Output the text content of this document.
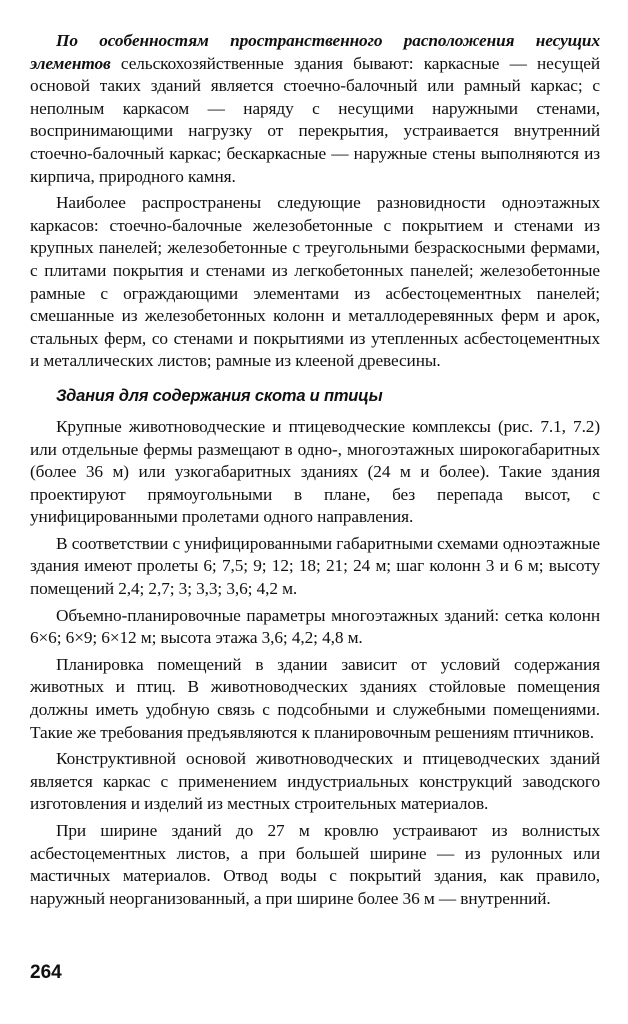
По особенностям пространственного расположения несущих элементов сельскохозяйственные здания бывают: каркасные — несущей основой таких зданий является стоечно-балочный или рамный каркас; с неполным каркасом — наряду с несущими наружными стенами, воспринимающими нагрузку от перекрытия, устраивается внутренний стоечно-балочный каркас; бескаркасные — наружные стены выполняются из кирпича, природного камня.

Наиболее распространены следующие разновидности одноэтажных каркасов: стоечно-балочные железобетонные с покрытием и стенами из крупных панелей; железобетонные с треугольными безраскосными фермами, с плитами покрытия и стенами из легкобетонных панелей; железобетонные рамные с ограждающими элементами из асбестоцементных панелей; смешанные из железобетонных колонн и металлодеревянных ферм и арок, стальных ферм, со стенами и покрытиями из утепленных асбестоцементных и металлических листов; рамные из клееной древесины.

Здания для содержания скота и птицы

Крупные животноводческие и птицеводческие комплексы (рис. 7.1, 7.2) или отдельные фермы размещают в одно-, многоэтажных широкогабаритных (более 36 м) или узкогабаритных зданиях (24 м и более). Такие здания проектируют прямоугольными в плане, без перепада высот, с унифицированными пролетами одного направления.

В соответствии с унифицированными габаритными схемами одноэтажные здания имеют пролеты 6; 7,5; 9; 12; 18; 21; 24 м; шаг колонн 3 и 6 м; высоту помещений 2,4; 2,7; 3; 3,3; 3,6; 4,2 м.

Объемно-планировочные параметры многоэтажных зданий: сетка колонн 6×6; 6×9; 6×12 м; высота этажа 3,6; 4,2; 4,8 м.

Планировка помещений в здании зависит от условий содержания животных и птиц. В животноводческих зданиях стойловые помещения должны иметь удобную связь с подсобными и служебными помещениями. Такие же требования предъявляются к планировочным решениям птичников.

Конструктивной основой животноводческих и птицеводческих зданий является каркас с применением индустриальных конструкций заводского изготовления и изделий из местных строительных материалов.

При ширине зданий до 27 м кровлю устраивают из волнистых асбестоцементных листов, а при большей ширине — из рулонных или мастичных материалов. Отвод воды с покрытий здания, как правило, наружный неорганизованный, а при ширине более 36 м — внутренний.

264
